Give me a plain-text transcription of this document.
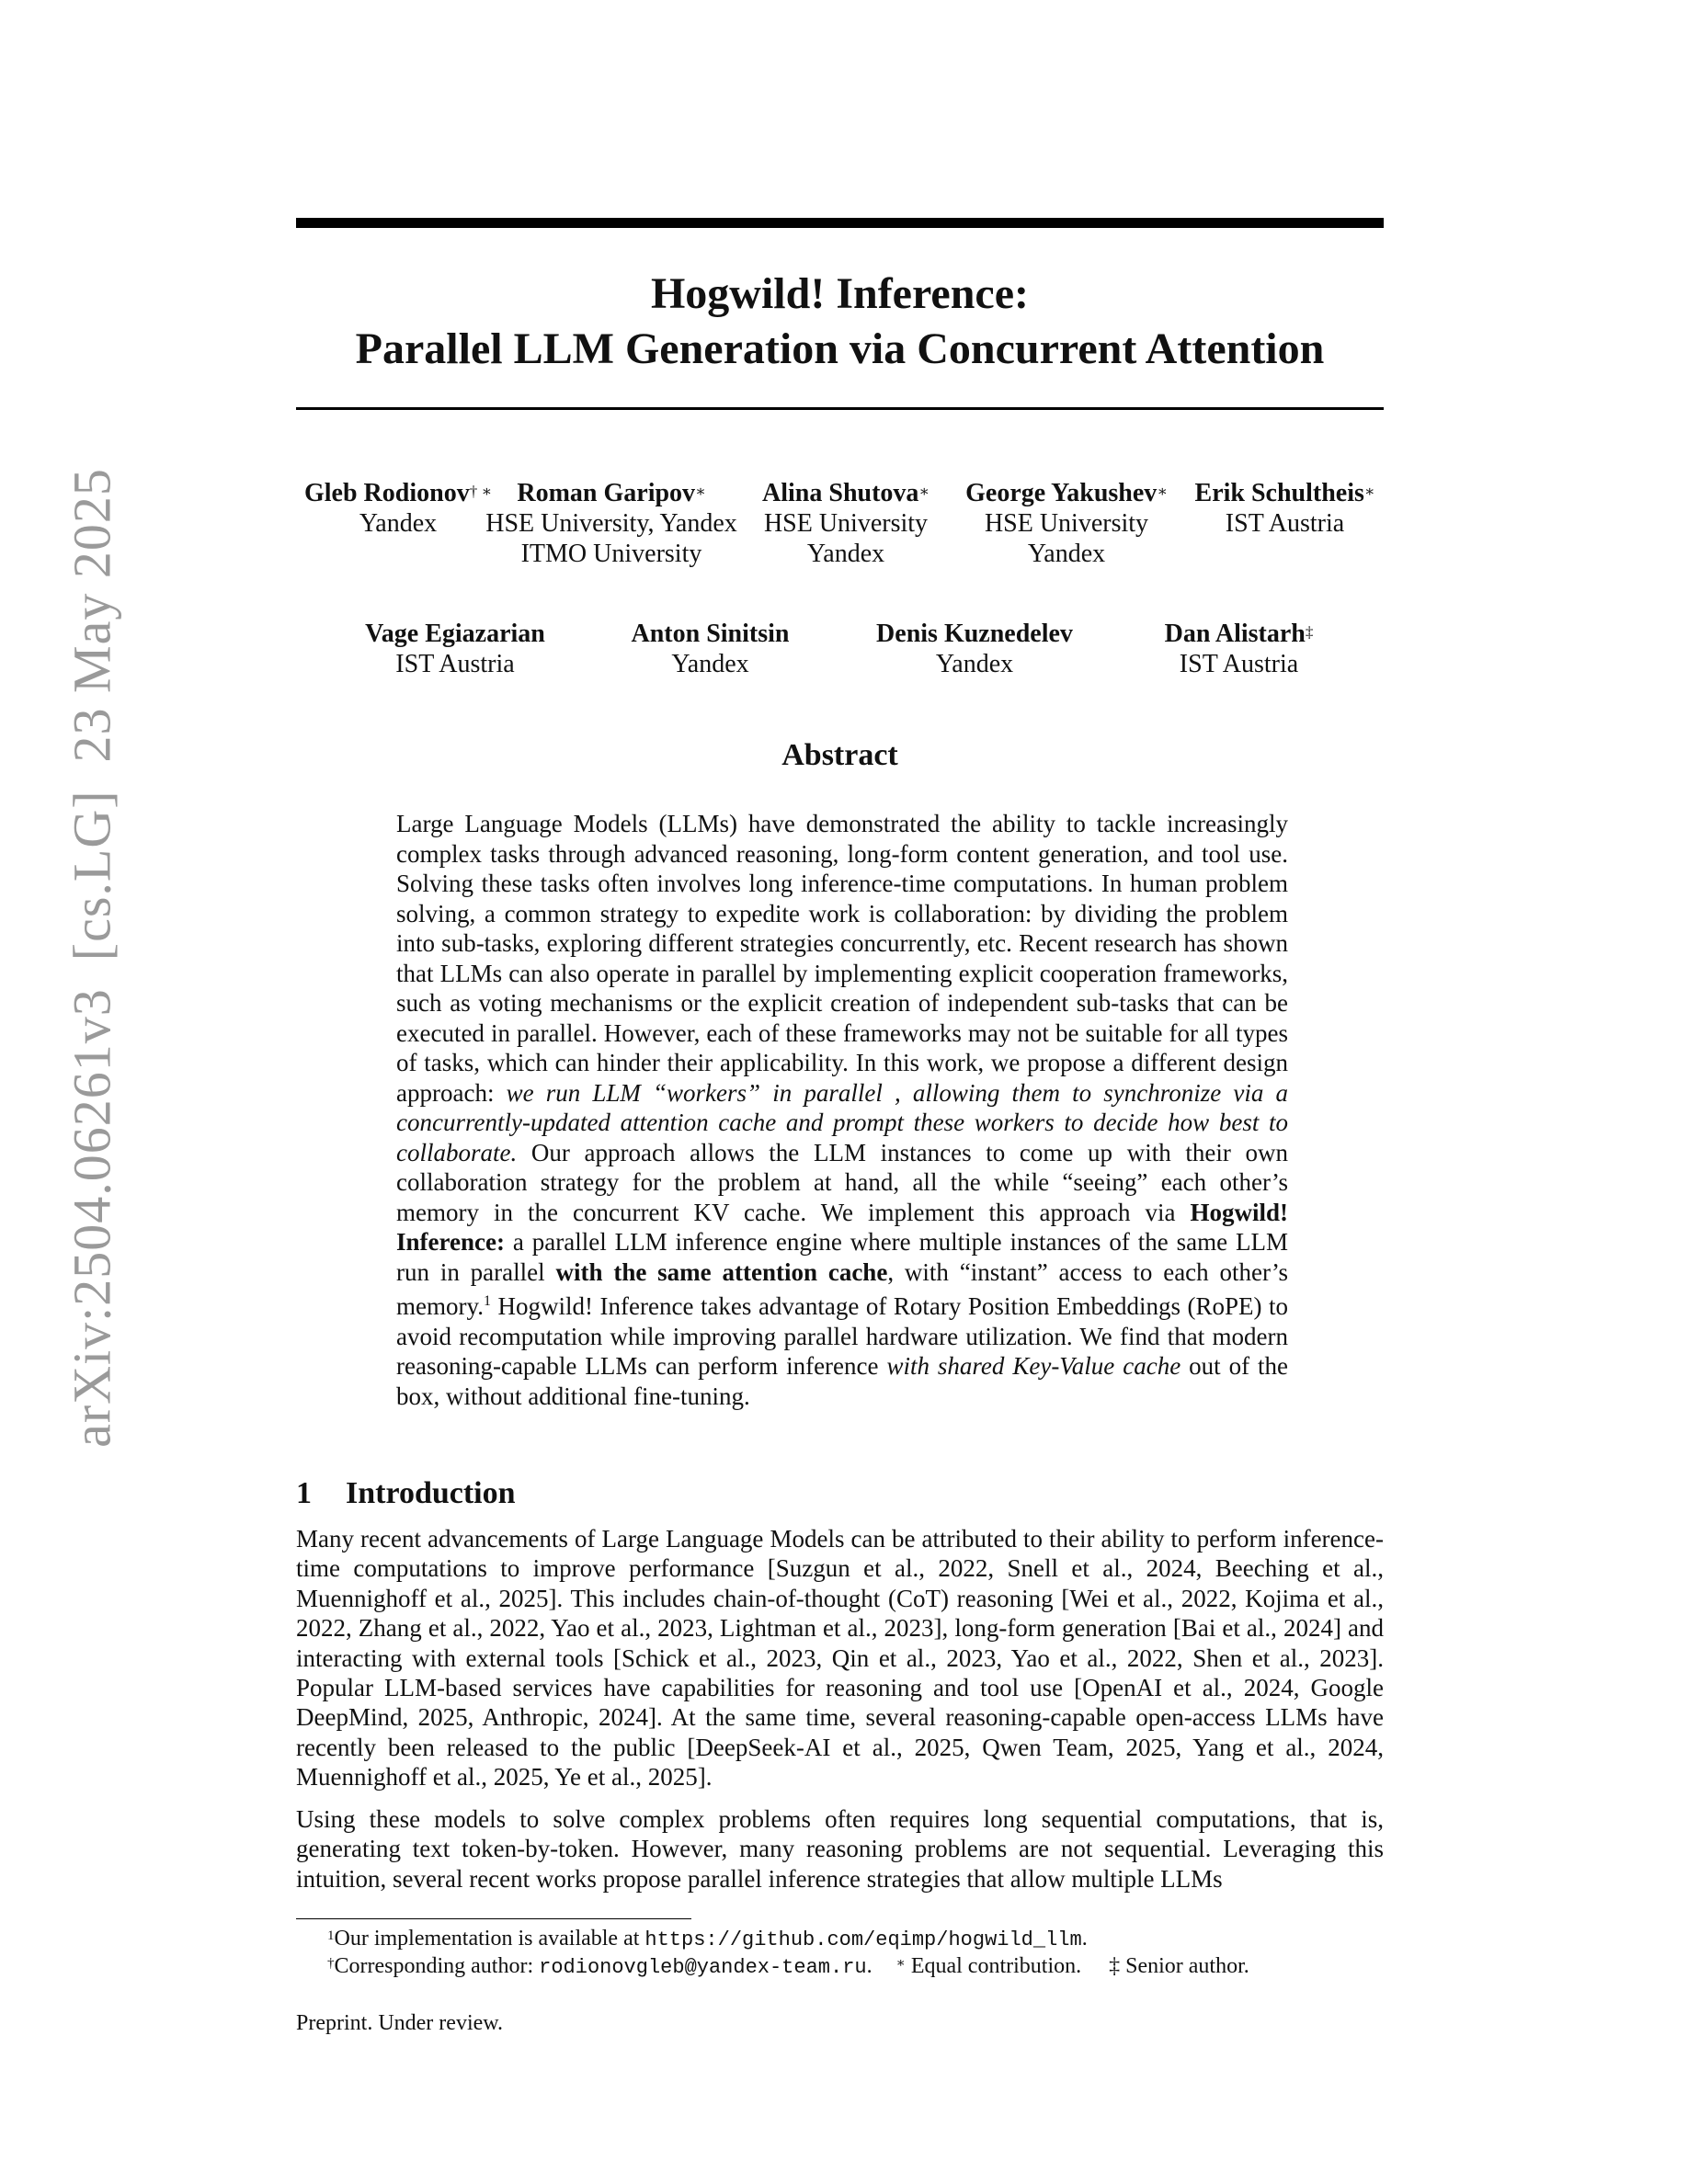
arXiv:2504.06261v3[cs.LG]23 May 2025
Hogwild! Inference:
Parallel LLM Generation via Concurrent Attention
Gleb Rodionov† ∗
Yandex
Roman Garipov∗
HSE University, Yandex
ITMO University
Alina Shutova∗
HSE University
Yandex
George Yakushev∗
HSE University
Yandex
Erik Schultheis∗
IST Austria
Vage Egiazarian
IST Austria
Anton Sinitsin
Yandex
Denis Kuznedelev
Yandex
Dan Alistarh‡
IST Austria
Abstract
Large Language Models (LLMs) have demonstrated the ability to tackle increasingly complex tasks through advanced reasoning, long-form content generation, and tool use. Solving these tasks often involves long inference-time computations. In human problem solving, a common strategy to expedite work is collaboration: by dividing the problem into sub-tasks, exploring different strategies concurrently, etc. Recent research has shown that LLMs can also operate in parallel by implementing explicit cooperation frameworks, such as voting mechanisms or the explicit creation of independent sub-tasks that can be executed in parallel. However, each of these frameworks may not be suitable for all types of tasks, which can hinder their applicability. In this work, we propose a different design approach: we run LLM “workers” in parallel , allowing them to synchronize via a concurrently-updated attention cache and prompt these workers to decide how best to collaborate. Our approach allows the LLM instances to come up with their own collaboration strategy for the problem at hand, all the while “seeing” each other’s memory in the concurrent KV cache. We implement this approach via Hogwild! Inference: a parallel LLM inference engine where multiple instances of the same LLM run in parallel with the same attention cache, with “instant” access to each other’s memory.$^1$ Hogwild! Inference takes advantage of Rotary Position Embeddings (RoPE) to avoid recomputation while improving parallel hardware utilization. We find that modern reasoning-capable LLMs can perform inference with shared Key-Value cache out of the box, without additional fine-tuning.
1 Introduction
Many recent advancements of Large Language Models can be attributed to their ability to perform inference-time computations to improve performance [Suzgun et al., 2022, Snell et al., 2024, Beeching et al., Muennighoff et al., 2025]. This includes chain-of-thought (CoT) reasoning [Wei et al., 2022, Kojima et al., 2022, Zhang et al., 2022, Yao et al., 2023, Lightman et al., 2023], long-form generation [Bai et al., 2024] and interacting with external tools [Schick et al., 2023, Qin et al., 2023, Yao et al., 2022, Shen et al., 2023]. Popular LLM-based services have capabilities for reasoning and tool use [OpenAI et al., 2024, Google DeepMind, 2025, Anthropic, 2024]. At the same time, several reasoning-capable open-access LLMs have recently been released to the public [DeepSeek-AI et al., 2025, Qwen Team, 2025, Yang et al., 2024, Muennighoff et al., 2025, Ye et al., 2025].
Using these models to solve complex problems often requires long sequential computations, that is, generating text token-by-token. However, many reasoning problems are not sequential. Leveraging this intuition, several recent works propose parallel inference strategies that allow multiple LLMs
$^1$Our implementation is available at https://github.com/eqimp/hogwild_llm.
†Corresponding author: rodionovgleb@yandex-team.ru. ∗ Equal contribution. ‡ Senior author.
Preprint. Under review.
